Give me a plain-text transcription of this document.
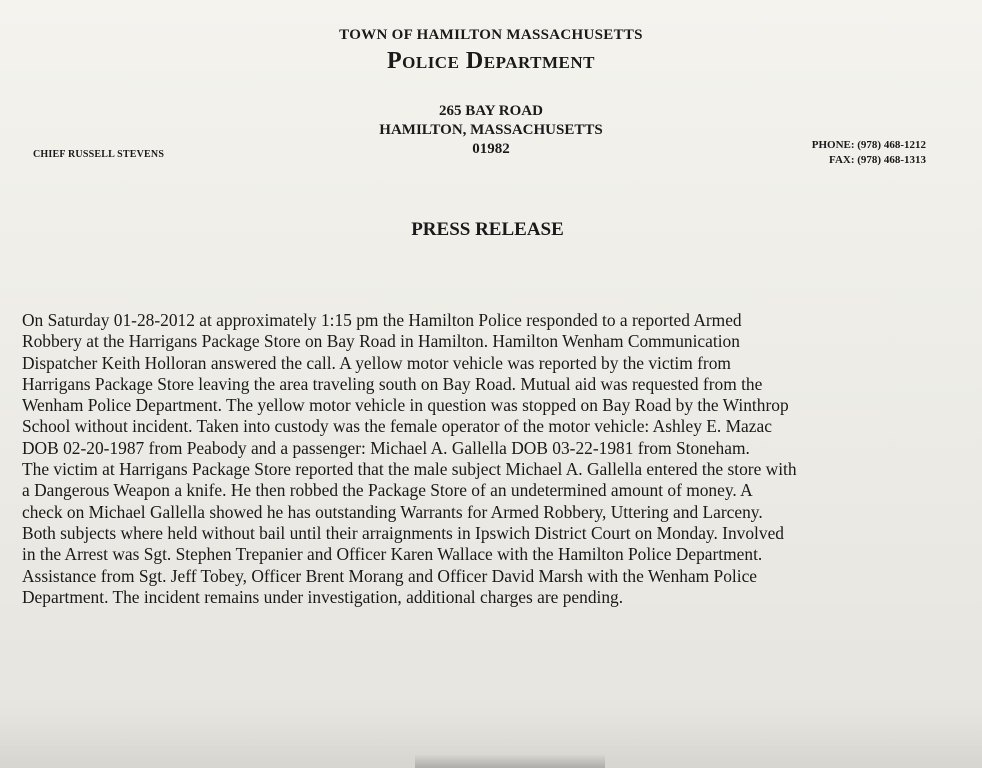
TOWN OF HAMILTON MASSACHUSETTS
Police Department
265 BAY ROAD
HAMILTON, MASSACHUSETTS
01982
CHIEF RUSSELL STEVENS
PHONE: (978) 468-1212
FAX: (978) 468-1313
PRESS RELEASE
On Saturday 01-28-2012 at approximately 1:15 pm the Hamilton Police responded to a reported Armed
Robbery at the Harrigans Package Store on Bay Road in Hamilton. Hamilton Wenham Communication
Dispatcher Keith Holloran answered the call. A yellow motor vehicle was reported by the victim from
Harrigans Package Store leaving the area traveling south on Bay Road. Mutual aid was requested from the
Wenham Police Department. The yellow motor vehicle in question was stopped on Bay Road by the Winthrop
School without incident. Taken into custody was the female operator of the motor vehicle: Ashley E. Mazac
DOB 02-20-1987 from Peabody and a passenger: Michael A. Gallella DOB 03-22-1981 from Stoneham.
The victim at Harrigans Package Store reported that the male subject Michael A. Gallella entered the store with
a Dangerous Weapon a knife. He then robbed the Package Store of an undetermined amount of money. A
check on Michael Gallella showed he has outstanding Warrants for Armed Robbery, Uttering and Larceny.
Both subjects where held without bail until their arraignments in Ipswich District Court on Monday. Involved
in the Arrest was Sgt. Stephen Trepanier and Officer Karen Wallace with the Hamilton Police Department.
Assistance from Sgt. Jeff Tobey, Officer Brent Morang and Officer David Marsh with the Wenham Police
Department. The incident remains under investigation, additional charges are pending.
